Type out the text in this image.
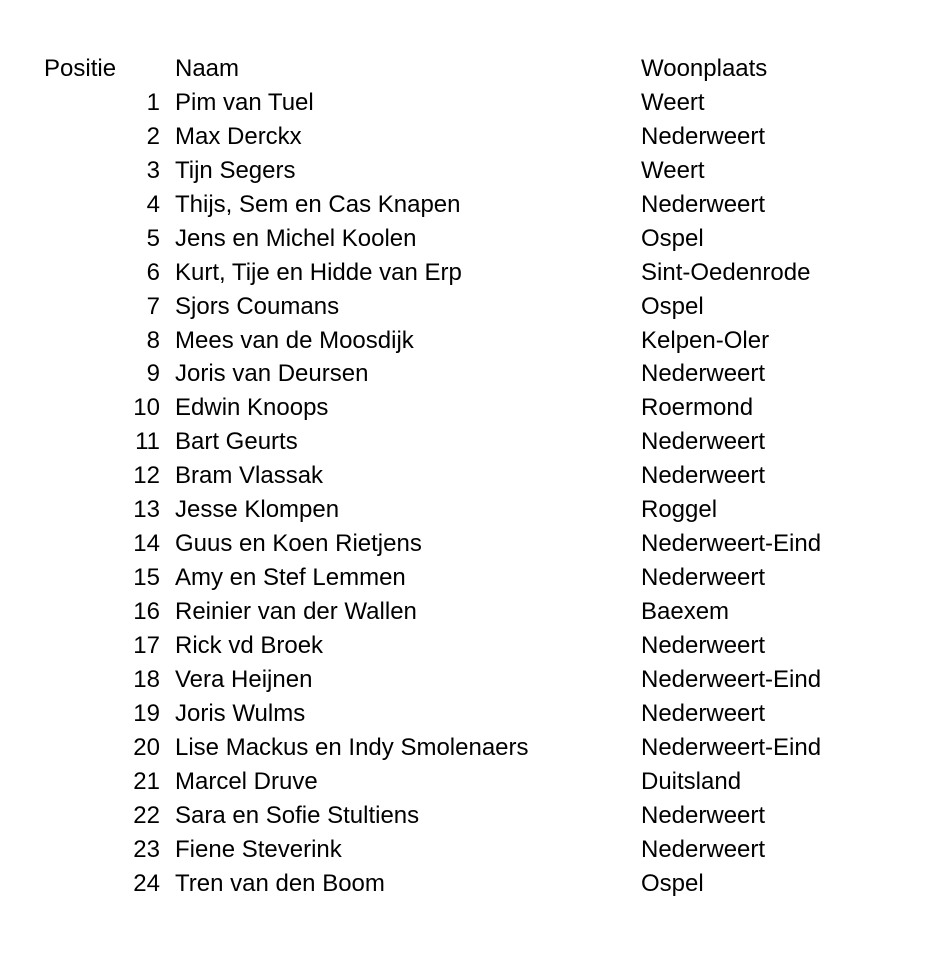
Positie Naam	Woonplaats
1 Pim van Tuel	Weert
2 Max Derckx	Nederweert
3 Tijn Segers	Weert
4 Thijs, Sem en Cas Knapen	Nederweert
5 Jens en Michel Koolen	Ospel
6 Kurt, Tije en Hidde van Erp	Sint-Oedenrode
7 Sjors Coumans	Ospel
8 Mees van de Moosdijk	Kelpen-Oler
9 Joris van Deursen	Nederweert
10 Edwin Knoops	Roermond
11 Bart Geurts	Nederweert
12 Bram Vlassak	Nederweert
13 Jesse Klompen	Roggel
14 Guus en Koen Rietjens	Nederweert-Eind
15 Amy en Stef Lemmen	Nederweert
16 Reinier van der Wallen	Baexem
17 Rick vd Broek	Nederweert
18 Vera Heijnen	Nederweert-Eind
19 Joris Wulms	Nederweert
20 Lise Mackus en Indy Smolenaers	Nederweert-Eind
21 Marcel Druve	Duitsland
22 Sara en Sofie Stultiens	Nederweert
23 Fiene Steverink	Nederweert
24 Tren van den Boom	Ospel
